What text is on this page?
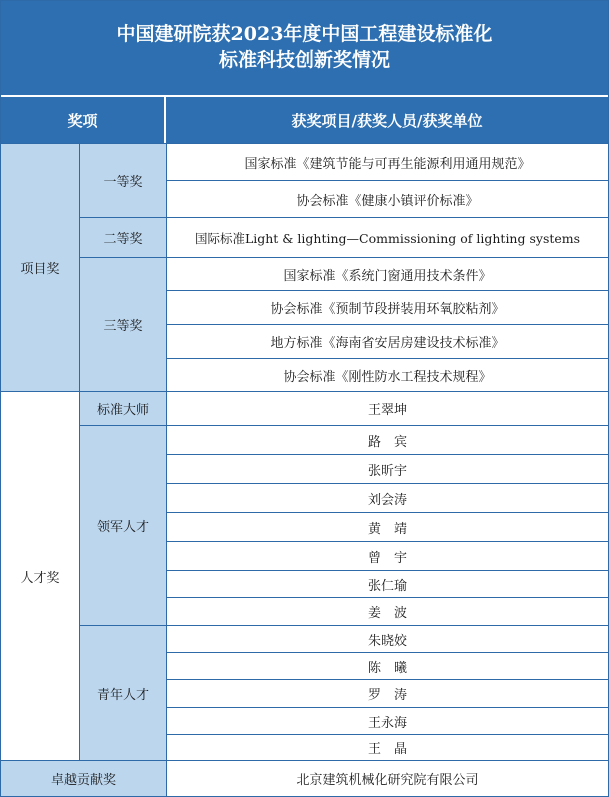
中国建研院获2023年度中国工程建设标准化
标准科技创新奖情况
奖项	获奖项目/获奖人员/获奖单位
项目奖
一等奖
二等奖
三等奖
国家标准《建筑节能与可再生能源利用通用规范》
协会标准《健康小镇评价标准》
国际标准Light & lighting—Commissioning of lighting systems
国家标准《系统门窗通用技术条件》
协会标准《预制节段拼装用环氧胶粘剂》
地方标准《海南省安居房建设技术标准》
协会标准《刚性防水工程技术规程》
人才奖
标准大师
领军人才
青年人才
王翠坤
路　宾
张昕宇
刘会涛
黄　靖
曾　宇
张仁瑜
姜　波
朱晓姣
陈　曦
罗　涛
王永海
王　晶
卓越贡献奖	北京建筑机械化研究院有限公司
